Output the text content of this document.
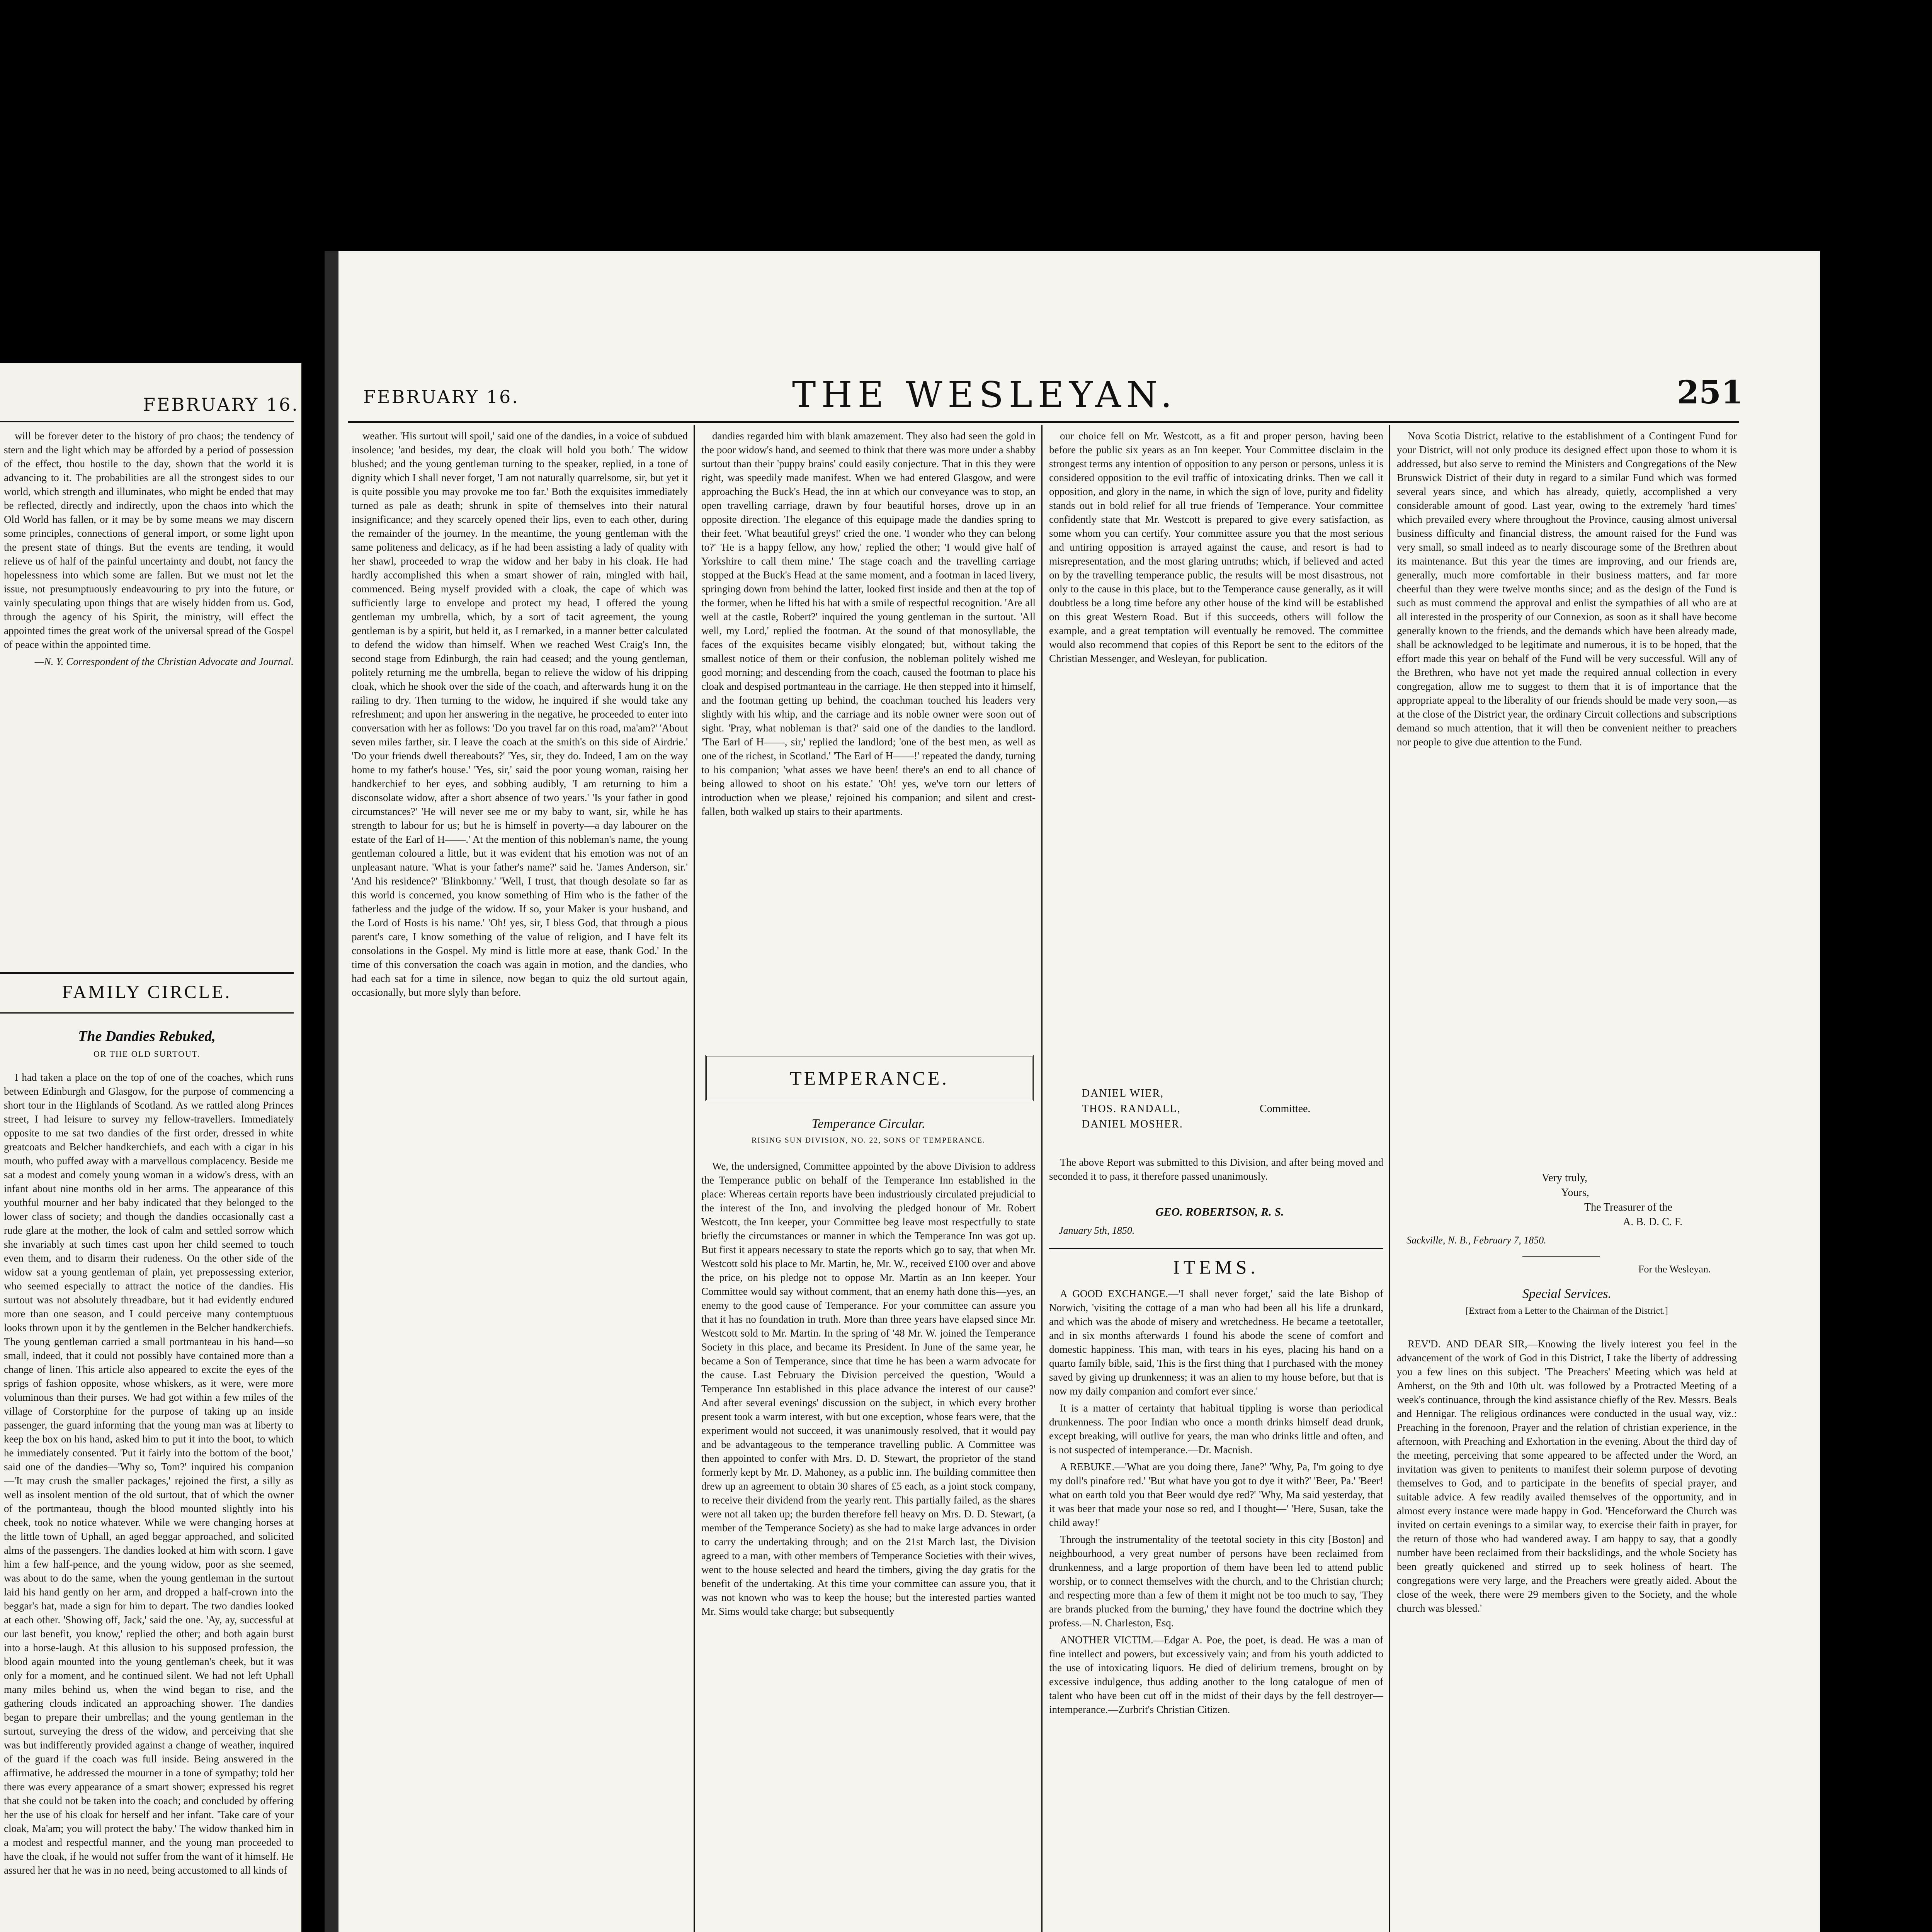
FEBRUARY 16.

will be forever deter to the history of pro chaos; the tendency of stern and the light which may be afforded by a period of possession of the effect, thou hostile to the day, shown that the world it is advancing to it. The probabilities are all the strongest sides to our world, which strength and illuminates, who might be ended that may be reflected, directly and indirectly, upon the chaos into which the Old World has fallen, or it may be by some means we may discern some principles, connections of general import, or some light upon the present state of things. But the events are tending, it would relieve us of half of the painful uncertainty and doubt, not fancy the hopelessness into which some are fallen. But we must not let the issue, not presumptuously endeavouring to pry into the future, or vainly speculating upon things that are wisely hidden from us. God, through the agency of his Spirit, the ministry, will effect the appointed times the great work of the universal spread of the Gospel of peace within the appointed time.

—N. Y. Correspondent of the Christian Advocate and Journal.

FAMILY CIRCLE.
The Dandies Rebuked,
OR THE OLD SURTOUT.

I had taken a place on the top of one of the coaches, which runs between Edinburgh and Glasgow, for the purpose of commencing a short tour in the Highlands of Scotland. As we rattled along Princes street, I had leisure to survey my fellow-travellers. Immediately opposite to me sat two dandies of the first order, dressed in white greatcoats and Belcher handkerchiefs, and each with a cigar in his mouth, who puffed away with a marvellous complacency. Beside me sat a modest and comely young woman in a widow's dress, with an infant about nine months old in her arms. The appearance of this youthful mourner and her baby indicated that they belonged to the lower class of society; and though the dandies occasionally cast a rude glare at the mother, the look of calm and settled sorrow which she invariably at such times cast upon her child seemed to touch even them, and to disarm their rudeness. On the other side of the widow sat a young gentleman of plain, yet prepossessing exterior, who seemed especially to attract the notice of the dandies. His surtout was not absolutely threadbare, but it had evidently endured more than one season, and I could perceive many contemptuous looks thrown upon it by the gentlemen in the Belcher handkerchiefs. The young gentleman carried a small portmanteau in his hand—so small, indeed, that it could not possibly have contained more than a change of linen. This article also appeared to excite the eyes of the sprigs of fashion opposite, whose whiskers, as it were, were more voluminous than their purses. We had got within a few miles of the village of Corstorphine for the purpose of taking up an inside passenger, the guard informing that the young man was at liberty to keep the box on his hand, asked him to put it into the boot, to which he immediately consented. 'Put it fairly into the bottom of the boot,' said one of the dandies—'Why so, Tom?' inquired his companion—'It may crush the smaller packages,' rejoined the first, a silly as well as insolent mention of the old surtout, that of which the owner of the portmanteau, though the blood mounted slightly into his cheek, took no notice whatever. While we were changing horses at the little town of Uphall, an aged beggar approached, and solicited alms of the passengers. The dandies looked at him with scorn. I gave him a few half-pence, and the young widow, poor as she seemed, was about to do the same, when the young gentleman in the surtout laid his hand gently on her arm, and dropped a half-crown into the beggar's hat, made a sign for him to depart. The two dandies looked at each other. 'Showing off, Jack,' said the one. 'Ay, ay, successful at our last benefit, you know,' replied the other; and both again burst into a horse-laugh. At this allusion to his supposed profession, the blood again mounted into the young gentleman's cheek, but it was only for a moment, and he continued silent. We had not left Uphall many miles behind us, when the wind began to rise, and the gathering clouds indicated an approaching shower. The dandies began to prepare their umbrellas; and the young gentleman in the surtout, surveying the dress of the widow, and perceiving that she was but indifferently provided against a change of weather, inquired of the guard if the coach was full inside. Being answered in the affirmative, he addressed the mourner in a tone of sympathy; told her there was every appearance of a smart shower; expressed his regret that she could not be taken into the coach; and concluded by offering her the use of his cloak for herself and her infant. 'Take care of your cloak, Ma'am; you will protect the baby.' The widow thanked him in a modest and respectful manner, and the young man proceeded to have the cloak, if he would not suffer from the want of it himself. He assured her that he was in no need, being accustomed to all kinds of

FEBRUARY 16.	THE WESLEYAN.	251

weather. 'His surtout will spoil,' said one of the dandies, in a voice of subdued insolence; 'and besides, my dear, the cloak will hold you both.' The widow blushed; and the young gentleman turning to the speaker, replied, in a tone of dignity which I shall never forget, 'I am not naturally quarrelsome, sir, but yet it is quite possible you may provoke me too far.' Both the exquisites immediately turned as pale as death; shrunk in spite of themselves into their natural insignificance; and they scarcely opened their lips, even to each other, during the remainder of the journey. In the meantime, the young gentleman with the same politeness and delicacy, as if he had been assisting a lady of quality with her shawl, proceeded to wrap the widow and her baby in his cloak. He had hardly accomplished this when a smart shower of rain, mingled with hail, commenced. Being myself provided with a cloak, the cape of which was sufficiently large to envelope and protect my head, I offered the young gentleman my umbrella, which, by a sort of tacit agreement, the young gentleman is by a spirit, but held it, as I remarked, in a manner better calculated to defend the widow than himself. When we reached West Craig's Inn, the second stage from Edinburgh, the rain had ceased; and the young gentleman, politely returning me the umbrella, began to relieve the widow of his dripping cloak, which he shook over the side of the coach, and afterwards hung it on the railing to dry. Then turning to the widow, he inquired if she would take any refreshment; and upon her answering in the negative, he proceeded to enter into conversation with her as follows: 'Do you travel far on this road, ma'am?' 'About seven miles farther, sir. I leave the coach at the smith's on this side of Airdrie.' 'Do your friends dwell thereabouts?' 'Yes, sir, they do. Indeed, I am on the way home to my father's house.' 'Yes, sir,' said the poor young woman, raising her handkerchief to her eyes, and sobbing audibly, 'I am returning to him a disconsolate widow, after a short absence of two years.' 'Is your father in good circumstances?' 'He will never see me or my baby to want, sir, while he has strength to labour for us; but he is himself in poverty—a day labourer on the estate of the Earl of H——.' At the mention of this nobleman's name, the young gentleman coloured a little, but it was evident that his emotion was not of an unpleasant nature. 'What is your father's name?' said he. 'James Anderson, sir.' 'And his residence?' 'Blinkbonny.' 'Well, I trust, that though desolate so far as this world is concerned, you know something of Him who is the father of the fatherless and the judge of the widow. If so, your Maker is your husband, and the Lord of Hosts is his name.' 'Oh! yes, sir, I bless God, that through a pious parent's care, I know something of the value of religion, and I have felt its consolations in the Gospel. My mind is little more at ease, thank God.' In the time of this conversation the coach was again in motion, and the dandies, who had each sat for a time in silence, now began to quiz the old surtout again, occasionally, but more slyly than before.

dandies regarded him with blank amazement. They also had seen the gold in the poor widow's hand, and seemed to think that there was more under a shabby surtout than their 'puppy brains' could easily conjecture. That in this they were right, was speedily made manifest. When we had entered Glasgow, and were approaching the Buck's Head, the inn at which our conveyance was to stop, an open travelling carriage, drawn by four beautiful horses, drove up in an opposite direction. The elegance of this equipage made the dandies spring to their feet. 'What beautiful greys!' cried the one. 'I wonder who they can belong to?' 'He is a happy fellow, any how,' replied the other; 'I would give half of Yorkshire to call them mine.' The stage coach and the travelling carriage stopped at the Buck's Head at the same moment, and a footman in laced livery, springing down from behind the latter, looked first inside and then at the top of the former, when he lifted his hat with a smile of respectful recognition. 'Are all well at the castle, Robert?' inquired the young gentleman in the surtout. 'All well, my Lord,' replied the footman. At the sound of that monosyllable, the faces of the exquisites became visibly elongated; but, without taking the smallest notice of them or their confusion, the nobleman politely wished me good morning; and descending from the coach, caused the footman to place his cloak and despised portmanteau in the carriage. He then stepped into it himself, and the footman getting up behind, the coachman touched his leaders very slightly with his whip, and the carriage and its noble owner were soon out of sight. 'Pray, what nobleman is that?' said one of the dandies to the landlord. 'The Earl of H——, sir,' replied the landlord; 'one of the best men, as well as one of the richest, in Scotland.' 'The Earl of H——!' repeated the dandy, turning to his companion; 'what asses we have been! there's an end to all chance of being allowed to shoot on his estate.' 'Oh! yes, we've torn our letters of introduction when we please,' rejoined his companion; and silent and crest-fallen, both walked up stairs to their apartments.

TEMPERANCE.
Temperance Circular.
RISING SUN DIVISION, NO. 22, SONS OF TEMPERANCE.

We, the undersigned, Committee appointed by the above Division to address the Temperance public on behalf of the Temperance Inn established in the place: Whereas certain reports have been industriously circulated prejudicial to the interest of the Inn, and involving the pledged honour of Mr. Robert Westcott, the Inn keeper, your Committee beg leave most respectfully to state briefly the circumstances or manner in which the Temperance Inn was got up. But first it appears necessary to state the reports which go to say, that when Mr. Westcott sold his place to Mr. Martin, he, Mr. W., received £100 over and above the price, on his pledge not to oppose Mr. Martin as an Inn keeper. Your Committee would say without comment, that an enemy hath done this—yes, an enemy to the good cause of Temperance. For your committee can assure you that it has no foundation in truth. More than three years have elapsed since Mr. Westcott sold to Mr. Martin. In the spring of '48 Mr. W. joined the Temperance Society in this place, and became its President. In June of the same year, he became a Son of Temperance, since that time he has been a warm advocate for the cause. Last February the Division perceived the question, 'Would a Temperance Inn established in this place advance the interest of our cause?' And after several evenings' discussion on the subject, in which every brother present took a warm interest, with but one exception, whose fears were, that the experiment would not succeed, it was unanimously resolved, that it would pay and be advantageous to the temperance travelling public. A Committee was then appointed to confer with Mrs. D. D. Stewart, the proprietor of the stand formerly kept by Mr. D. Mahoney, as a public inn. The building committee then drew up an agreement to obtain 30 shares of £5 each, as a joint stock company, to receive their dividend from the yearly rent. This partially failed, as the shares were not all taken up; the burden therefore fell heavy on Mrs. D. D. Stewart, (a member of the Temperance Society) as she had to make large advances in order to carry the undertaking through; and on the 21st March last, the Division agreed to a man, with other members of Temperance Societies with their wives, went to the house selected and heard the timbers, giving the day gratis for the benefit of the undertaking. At this time your committee can assure you, that it was not known who was to keep the house; but the interested parties wanted Mr. Sims would take charge; but subsequently

our choice fell on Mr. Westcott, as a fit and proper person, having been before the public six years as an Inn keeper. Your Committee disclaim in the strongest terms any intention of opposition to any person or persons, unless it is considered opposition to the evil traffic of intoxicating drinks. Then we call it opposition, and glory in the name, in which the sign of love, purity and fidelity stands out in bold relief for all true friends of Temperance. Your committee confidently state that Mr. Westcott is prepared to give every satisfaction, as some whom you can certify. Your committee assure you that the most serious and untiring opposition is arrayed against the cause, and resort is had to misrepresentation, and the most glaring untruths; which, if believed and acted on by the travelling temperance public, the results will be most disastrous, not only to the cause in this place, but to the Temperance cause generally, as it will doubtless be a long time before any other house of the kind will be established on this great Western Road. But if this succeeds, others will follow the example, and a great temptation will eventually be removed. The committee would also recommend that copies of this Report be sent to the editors of the Christian Messenger, and Wesleyan, for publication.

DANIEL WIER,
THOS. RANDALL,
DANIEL MOSHER.
Committee.

The above Report was submitted to this Division, and after being moved and seconded it to pass, it therefore passed unanimously.

GEO. ROBERTSON, R. S.
January 5th, 1850.
ITEMS.

A GOOD EXCHANGE.—'I shall never forget,' said the late Bishop of Norwich, 'visiting the cottage of a man who had been all his life a drunkard, and which was the abode of misery and wretchedness. He became a teetotaller, and in six months afterwards I found his abode the scene of comfort and domestic happiness. This man, with tears in his eyes, placing his hand on a quarto family bible, said, This is the first thing that I purchased with the money saved by giving up drunkenness; it was an alien to my house before, but that is now my daily companion and comfort ever since.'

It is a matter of certainty that habitual tippling is worse than periodical drunkenness. The poor Indian who once a month drinks himself dead drunk, except breaking, will outlive for years, the man who drinks little and often, and is not suspected of intemperance.—Dr. Macnish.

A REBUKE.—'What are you doing there, Jane?' 'Why, Pa, I'm going to dye my doll's pinafore red.' 'But what have you got to dye it with?' 'Beer, Pa.' 'Beer! what on earth told you that Beer would dye red?' 'Why, Ma said yesterday, that it was beer that made your nose so red, and I thought—' 'Here, Susan, take the child away!'

Through the instrumentality of the teetotal society in this city [Boston] and neighbourhood, a very great number of persons have been reclaimed from drunkenness, and a large proportion of them have been led to attend public worship, or to connect themselves with the church, and to the Christian church; and respecting more than a few of them it might not be too much to say, 'They are brands plucked from the burning,' they have found the doctrine which they profess.—N. Charleston, Esq.

ANOTHER VICTIM.—Edgar A. Poe, the poet, is dead. He was a man of fine intellect and powers, but excessively vain; and from his youth addicted to the use of intoxicating liquors. He died of delirium tremens, brought on by excessive indulgence, thus adding another to the long catalogue of men of talent who have been cut off in the midst of their days by the fell destroyer—intemperance.—Zurbrit's Christian Citizen.

Nova Scotia District, relative to the establishment of a Contingent Fund for your District, will not only produce its designed effect upon those to whom it is addressed, but also serve to remind the Ministers and Congregations of the New Brunswick District of their duty in regard to a similar Fund which was formed several years since, and which has already, quietly, accomplished a very considerable amount of good. Last year, owing to the extremely 'hard times' which prevailed every where throughout the Province, causing almost universal business difficulty and financial distress, the amount raised for the Fund was very small, so small indeed as to nearly discourage some of the Brethren about its maintenance. But this year the times are improving, and our friends are, generally, much more comfortable in their business matters, and far more cheerful than they were twelve months since; and as the design of the Fund is such as must commend the approval and enlist the sympathies of all who are at all interested in the prosperity of our Connexion, as soon as it shall have become generally known to the friends, and the demands which have been already made, shall be acknowledged to be legitimate and numerous, it is to be hoped, that the effort made this year on behalf of the Fund will be very successful. Will any of the Brethren, who have not yet made the required annual collection in every congregation, allow me to suggest to them that it is of importance that the appropriate appeal to the liberality of our friends should be made very soon,—as at the close of the District year, the ordinary Circuit collections and subscriptions demand so much attention, that it will then be convenient neither to preachers nor people to give due attention to the Fund.

Very truly,
Yours,
The Treasurer of the
A. B. D. C. F.
Sackville, N. B., February 7, 1850.
For the Wesleyan.
Special Services.
[Extract from a Letter to the Chairman of the District.]

REV'D. AND DEAR SIR,—Knowing the lively interest you feel in the advancement of the work of God in this District, I take the liberty of addressing you a few lines on this subject. 'The Preachers' Meeting which was held at Amherst, on the 9th and 10th ult. was followed by a Protracted Meeting of a week's continuance, through the kind assistance chiefly of the Rev. Messrs. Beals and Hennigar. The religious ordinances were conducted in the usual way, viz.: Preaching in the forenoon, Prayer and the relation of christian experience, in the afternoon, with Preaching and Exhortation in the evening. About the third day of the meeting, perceiving that some appeared to be affected under the Word, an invitation was given to penitents to manifest their solemn purpose of devoting themselves to God, and to participate in the benefits of special prayer, and suitable advice. A few readily availed themselves of the opportunity, and in almost every instance were made happy in God. 'Henceforward the Church was invited on certain evenings to a similar way, to exercise their faith in prayer, for the return of those who had wandered away. I am happy to say, that a goodly number have been reclaimed from their backslidings, and the whole Society has been greatly quickened and stirred up to seek holiness of heart. The congregations were very large, and the Preachers were greatly aided. About the close of the week, there were 29 members given to the Society, and the whole church was blessed.'
